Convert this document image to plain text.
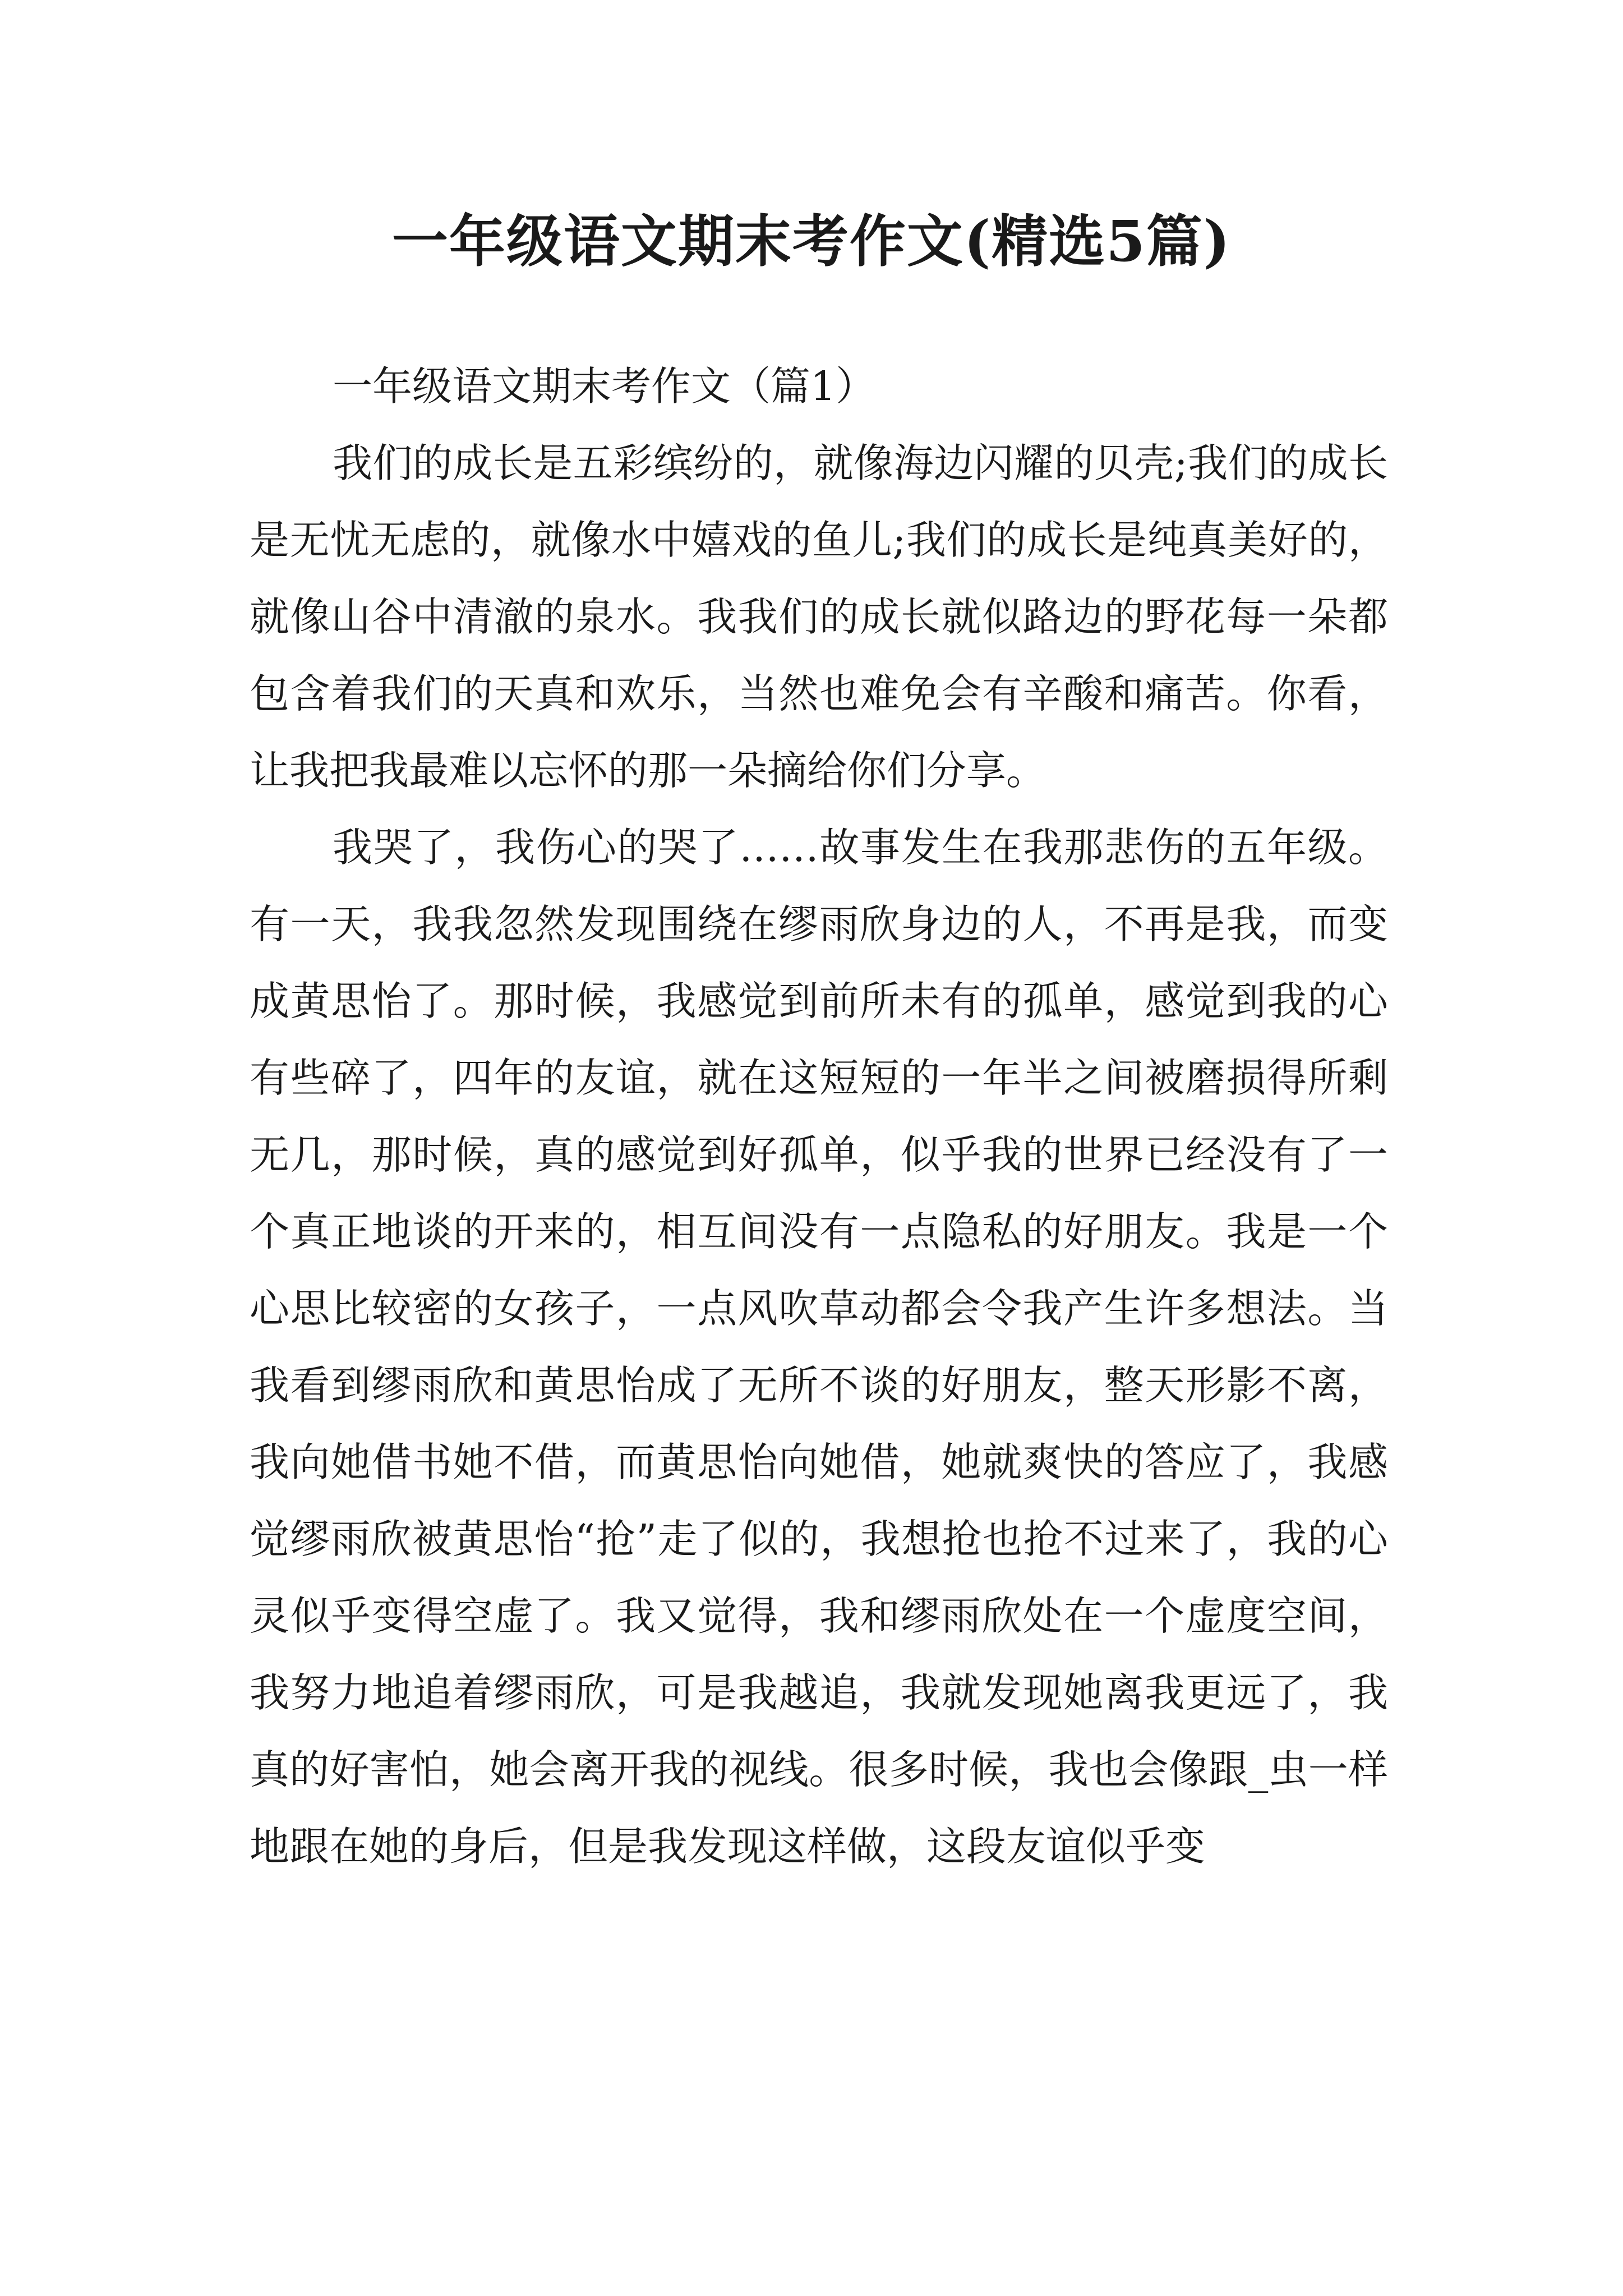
一年级语文期末考作文(精选5篇)

一年级语文期末考作文（篇1）

我们的成长是五彩缤纷的，就像海边闪耀的贝壳;我们的成长是无忧无虑的，就像水中嬉戏的鱼儿;我们的成长是纯真美好的，就像山谷中清澈的泉水。我我们的成长就似路边的野花每一朵都包含着我们的天真和欢乐，当然也难免会有辛酸和痛苦。你看，让我把我最难以忘怀的那一朵摘给你们分享。

我哭了，我伤心的哭了……故事发生在我那悲伤的五年级。有一天，我我忽然发现围绕在缪雨欣身边的人，不再是我，而变成黄思怡了。那时候，我感觉到前所未有的孤单，感觉到我的心有些碎了，四年的友谊，就在这短短的一年半之间被磨损得所剩无几，那时候，真的感觉到好孤单，似乎我的世界已经没有了一个真正地谈的开来的，相互间没有一点隐私的好朋友。我是一个心思比较密的女孩子，一点风吹草动都会令我产生许多想法。当我看到缪雨欣和黄思怡成了无所不谈的好朋友，整天形影不离，我向她借书她不借，而黄思怡向她借，她就爽快的答应了，我感觉缪雨欣被黄思怡“抢”走了似的，我想抢也抢不过来了，我的心灵似乎变得空虚了。我又觉得，我和缪雨欣处在一个虚度空间，我努力地追着缪雨欣，可是我越追，我就发现她离我更远了，我真的好害怕，她会离开我的视线。很多时候，我也会像跟_虫一样地跟在她的身后，但是我发现这样做，这段友谊似乎变
